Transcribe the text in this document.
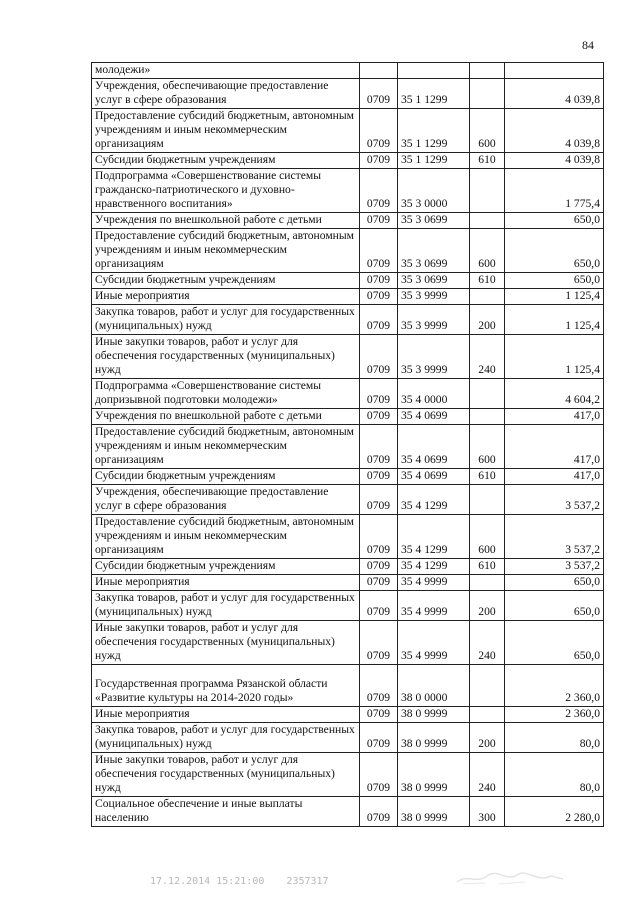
84
молодежи»				
Учреждения, обеспечивающие предоставление услуг в сфере образования	0709	35 1 1299		4 039,8
Предоставление субсидий бюджетным, автономным учреждениям и иным некоммерческим организациям	0709	35 1 1299	600	4 039,8
Субсидии бюджетным учреждениям	0709	35 1 1299	610	4 039,8
Подпрограмма «Совершенствование системы гражданско-патриотического и духовно-нравственного воспитания»	0709	35 3 0000		1 775,4
Учреждения по внешкольной работе с детьми	0709	35 3 0699		650,0
Предоставление субсидий бюджетным, автономным учреждениям и иным некоммерческим организациям	0709	35 3 0699	600	650,0
Субсидии бюджетным учреждениям	0709	35 3 0699	610	650,0
Иные мероприятия	0709	35 3 9999		1 125,4
Закупка товаров, работ и услуг для государственных (муниципальных) нужд	0709	35 3 9999	200	1 125,4
Иные закупки товаров, работ и услуг для обеспечения государственных (муниципальных) нужд	0709	35 3 9999	240	1 125,4
Подпрограмма «Совершенствование системы допризывной подготовки молодежи»	0709	35 4 0000		4 604,2
Учреждения по внешкольной работе с детьми	0709	35 4 0699		417,0
Предоставление субсидий бюджетным, автономным учреждениям и иным некоммерческим организациям	0709	35 4 0699	600	417,0
Субсидии бюджетным учреждениям	0709	35 4 0699	610	417,0
Учреждения, обеспечивающие предоставление услуг в сфере образования	0709	35 4 1299		3 537,2
Предоставление субсидий бюджетным, автономным учреждениям и иным некоммерческим организациям	0709	35 4 1299	600	3 537,2
Субсидии бюджетным учреждениям	0709	35 4 1299	610	3 537,2
Иные мероприятия	0709	35 4 9999		650,0
Закупка товаров, работ и услуг для государственных (муниципальных) нужд	0709	35 4 9999	200	650,0
Иные закупки товаров, работ и услуг для обеспечения государственных (муниципальных) нужд	0709	35 4 9999	240	650,0
Государственная программа Рязанской области «Развитие культуры на 2014-2020 годы»	0709	38 0 0000		2 360,0
Иные мероприятия	0709	38 0 9999		2 360,0
Закупка товаров, работ и услуг для государственных (муниципальных) нужд	0709	38 0 9999	200	80,0
Иные закупки товаров, работ и услуг для обеспечения государственных (муниципальных) нужд	0709	38 0 9999	240	80,0
Социальное обеспечение и иные выплаты населению	0709	38 0 9999	300	2 280,0
17.12.2014 15:21:00 2357317
